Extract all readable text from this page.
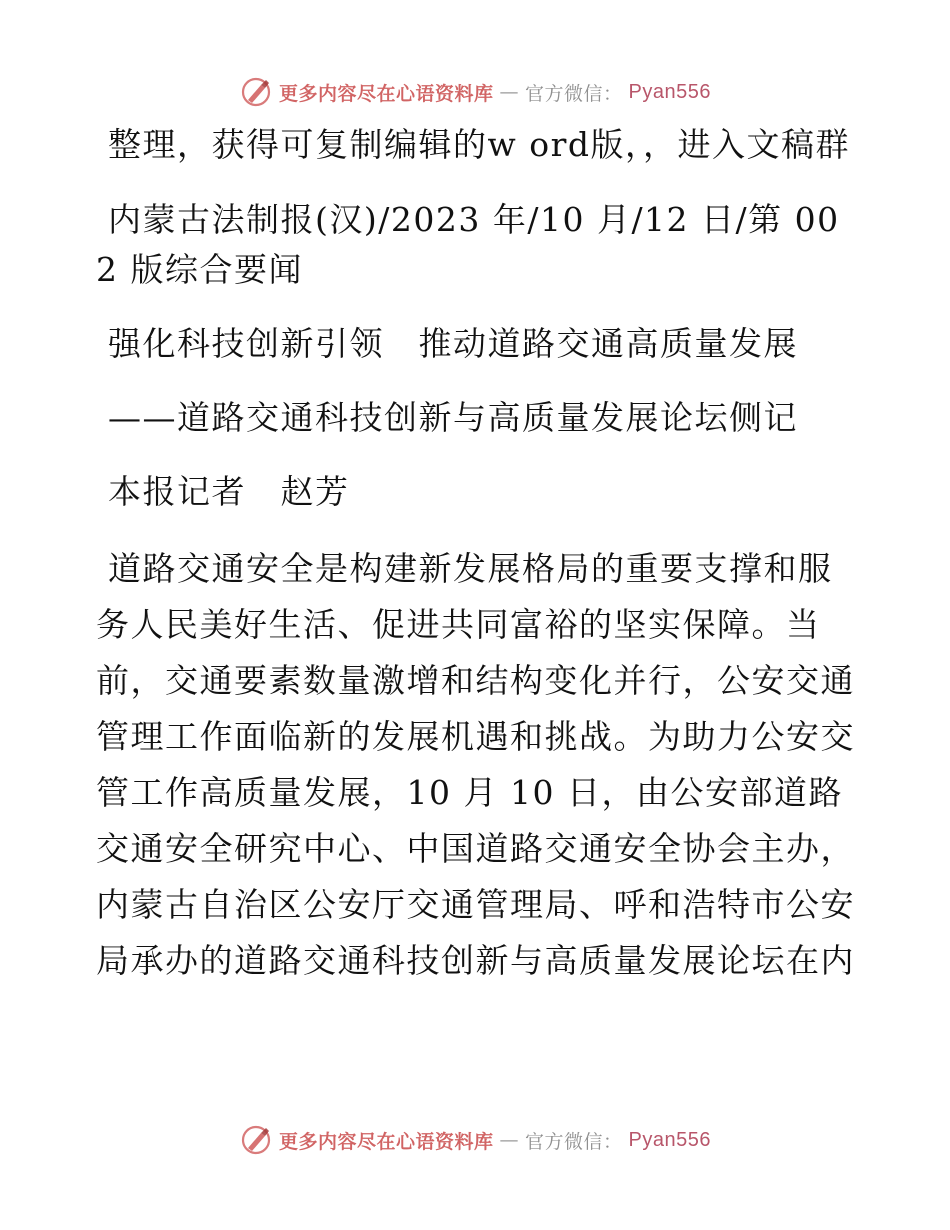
更多内容尽在心语资料库 — 官方微信： Pyan556

整理，获得可复制编辑的w ord版，，进入文稿群

内蒙古法制报(汉)/2023 年/10 月/12 日/第 002 版综合要闻

强化科技创新引领　推动道路交通高质量发展

——道路交通科技创新与高质量发展论坛侧记

本报记者　赵芳

道路交通安全是构建新发展格局的重要支撑和服务人民美好生活、促进共同富裕的坚实保障。当前，交通要素数量激增和结构变化并行，公安交通管理工作面临新的发展机遇和挑战。为助力公安交管工作高质量发展，10 月 10 日，由公安部道路交通安全研究中心、中国道路交通安全协会主办，内蒙古自治区公安厅交通管理局、呼和浩特市公安局承办的道路交通科技创新与高质量发展论坛在内

更多内容尽在心语资料库 — 官方微信： Pyan556
